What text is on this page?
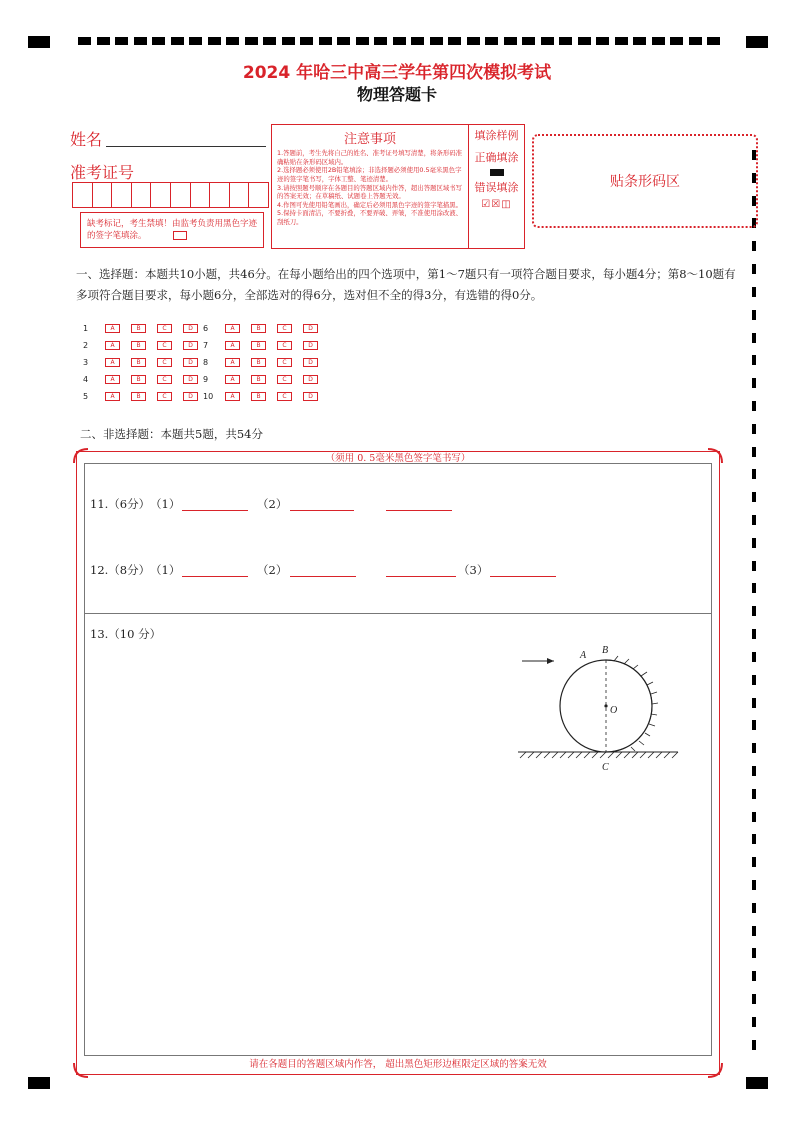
2024 年哈三中高三学年第四次模拟考试
物理答题卡
姓名
准考证号
缺考标记，考生禁填！由监考负责用黑色字迹的签字笔填涂。
注意事项
1.答题前，考生先将自己的姓名、准考证号填写清楚，将条形码准确粘贴在条形码区域内。
2.选择题必须使用2B铅笔填涂；非选择题必须使用0.5毫米黑色字迹的签字笔书写，字体工整、笔迹清楚。
3.请按照题号顺序在各题目的答题区域内作答，超出答题区域书写的答案无效；在草稿纸、试题卷上答题无效。
4.作图可先使用铅笔画出，确定后必须用黑色字迹的签字笔描黑。
5.保持卡面清洁，不要折叠，不要弄破、弄皱，不准使用涂改液、刮纸刀。
填涂样例
正确填涂
错误填涂
☑☒◫
贴条形码区
一、选择题：本题共10小题，共46分。在每小题给出的四个选项中，第1～7题只有一项符合题目要求，每小题4分；第8～10题有多项符合题目要求，每小题6分，全部选对的得6分，选对但不全的得3分，有选错的得0分。
1	A	B	C	D
2	A	B	C	D
3	A	B	C	D
4	A	B	C	D
5	A	B	C	D
6	A	B	C	D
7	A	B	C	D
8	A	B	C	D
9	A	B	C	D
10	A	B	C	D
二、非选择题：本题共5题，共54分
（须用 0. 5毫米黑色签字笔书写）
请在各题目的答题区域内作答， 超出黑色矩形边框限定区域的答案无效
11.（6分） （1）	（2）
12.（8分） （1）	（2）	（3）
13.（10 分）
A B
O
C
